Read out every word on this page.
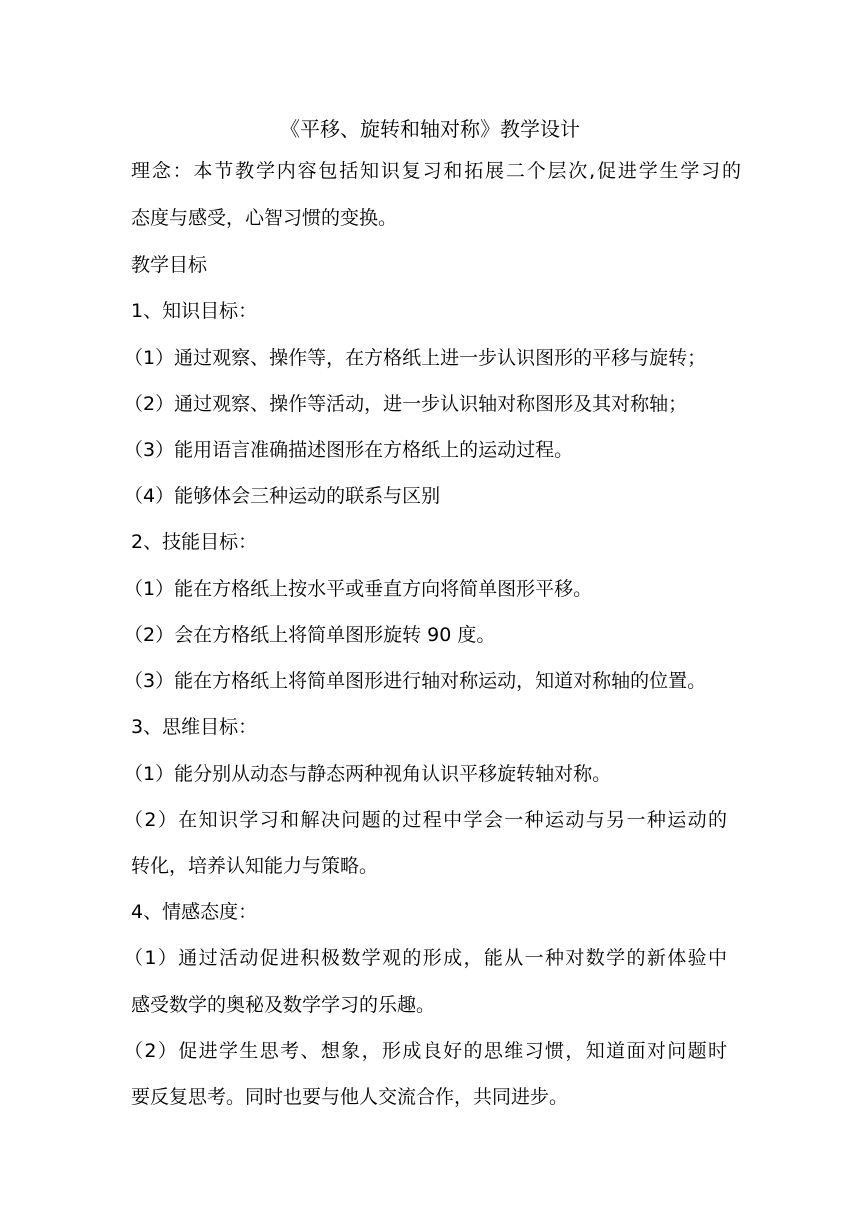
《平移、旋转和轴对称》教学设计
理念：本节教学内容包括知识复习和拓展二个层次,促进学生学习的
态度与感受，心智习惯的变换。
教学目标
1、知识目标：
（1）通过观察、操作等，在方格纸上进一步认识图形的平移与旋转；
（2）通过观察、操作等活动，进一步认识轴对称图形及其对称轴；
（3）能用语言准确描述图形在方格纸上的运动过程。
（4）能够体会三种运动的联系与区别
2、技能目标：
（1）能在方格纸上按水平或垂直方向将简单图形平移。
（2）会在方格纸上将简单图形旋转 90 度。
（3）能在方格纸上将简单图形进行轴对称运动，知道对称轴的位置。
3、思维目标：
（1）能分别从动态与静态两种视角认识平移旋转轴对称。
（2）在知识学习和解决问题的过程中学会一种运动与另一种运动的
转化，培养认知能力与策略。
4、情感态度：
（1）通过活动促进积极数学观的形成，能从一种对数学的新体验中
感受数学的奥秘及数学学习的乐趣。
（2）促进学生思考、想象，形成良好的思维习惯，知道面对问题时
要反复思考。同时也要与他人交流合作，共同进步。
